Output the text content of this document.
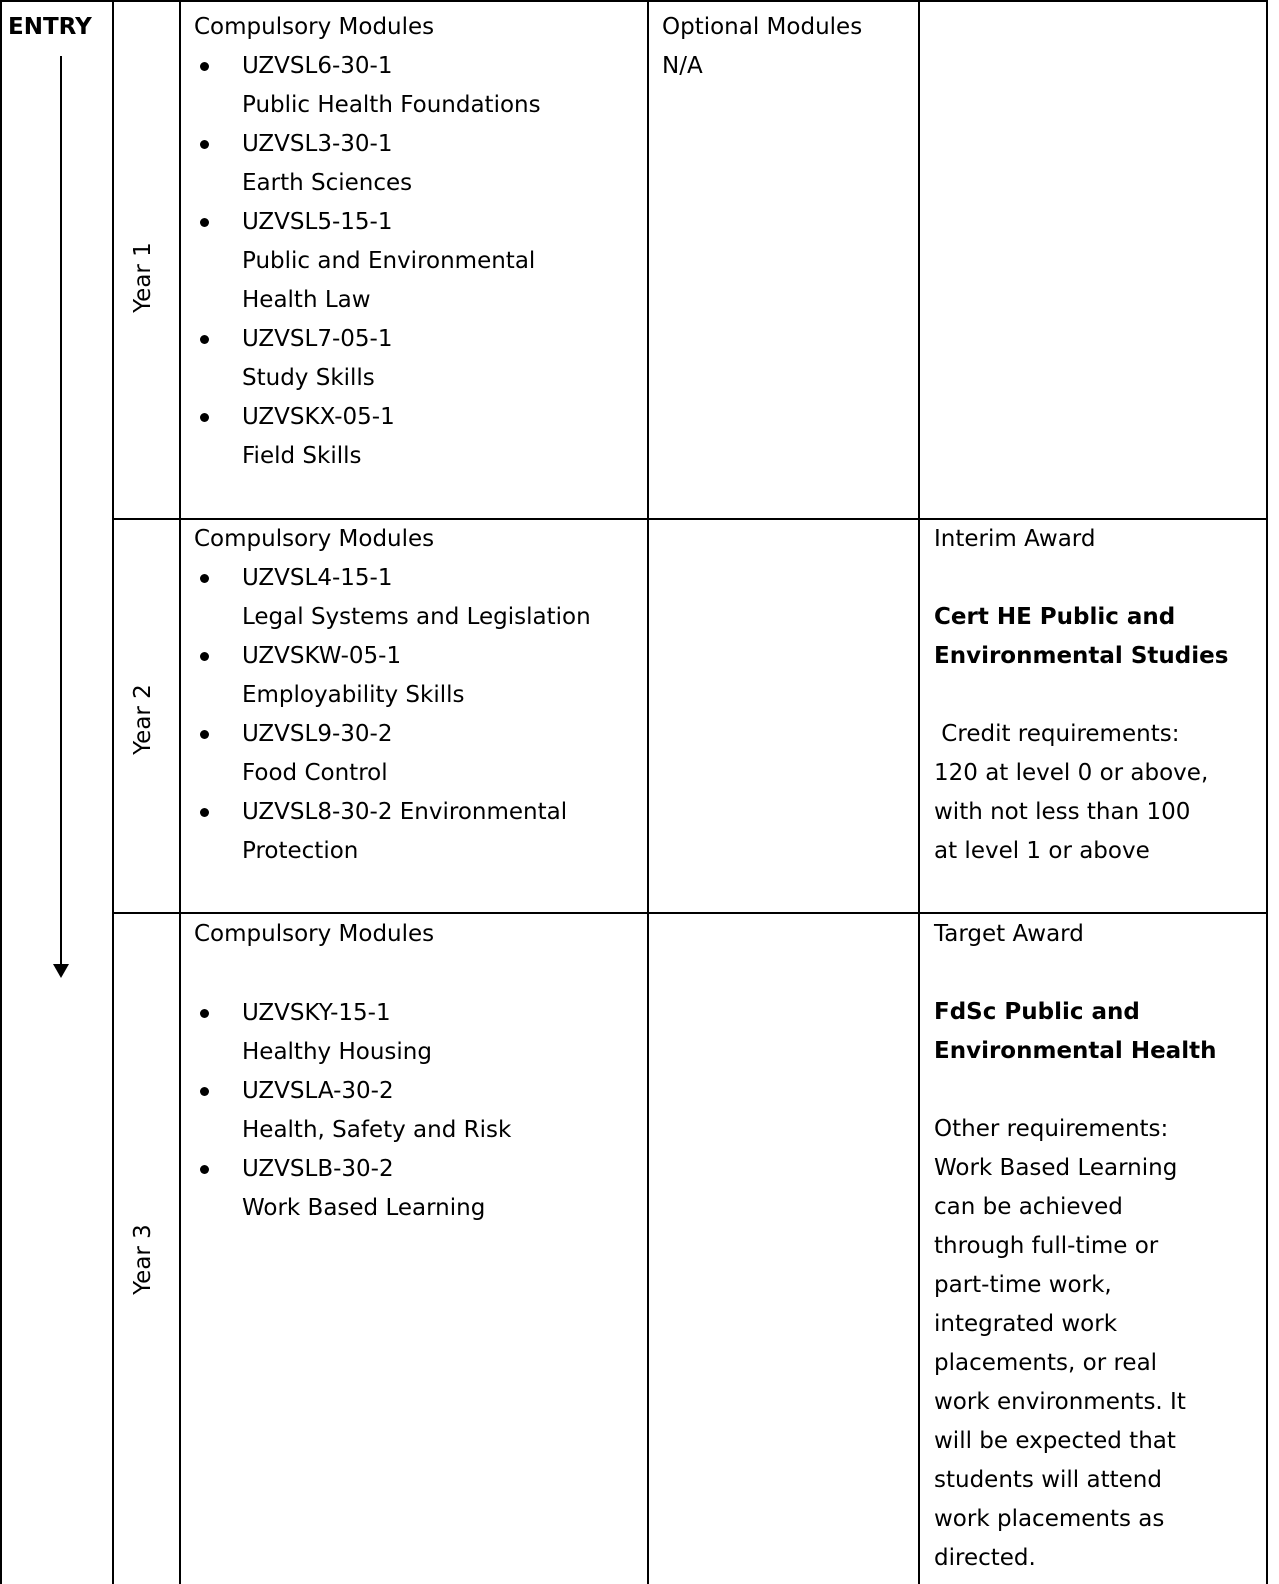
ENTRY
Year 1
Year 2
Year 3
Compulsory Modules
UZVSL6-30-1
Public Health Foundations
UZVSL3-30-1
Earth Sciences
UZVSL5-15-1
Public and Environmental
Health Law
UZVSL7-05-1
Study Skills
UZVSKX-05-1
Field Skills
Optional Modules
N/A
Compulsory Modules
UZVSL4-15-1
Legal Systems and Legislation
UZVSKW-05-1
Employability Skills
UZVSL9-30-2
Food Control
UZVSL8-30-2 Environmental
Protection
Interim Award
Cert HE Public and
Environmental Studies
Credit requirements:
120 at level 0 or above,
with not less than 100
at level 1 or above
Compulsory Modules
UZVSKY-15-1
Healthy Housing
UZVSLA-30-2
Health, Safety and Risk
UZVSLB-30-2
Work Based Learning
Target Award
FdSc Public and
Environmental Health
Other requirements:
Work Based Learning
can be achieved
through full-time or
part-time work,
integrated work
placements, or real
work environments. It
will be expected that
students will attend
work placements as
directed.
